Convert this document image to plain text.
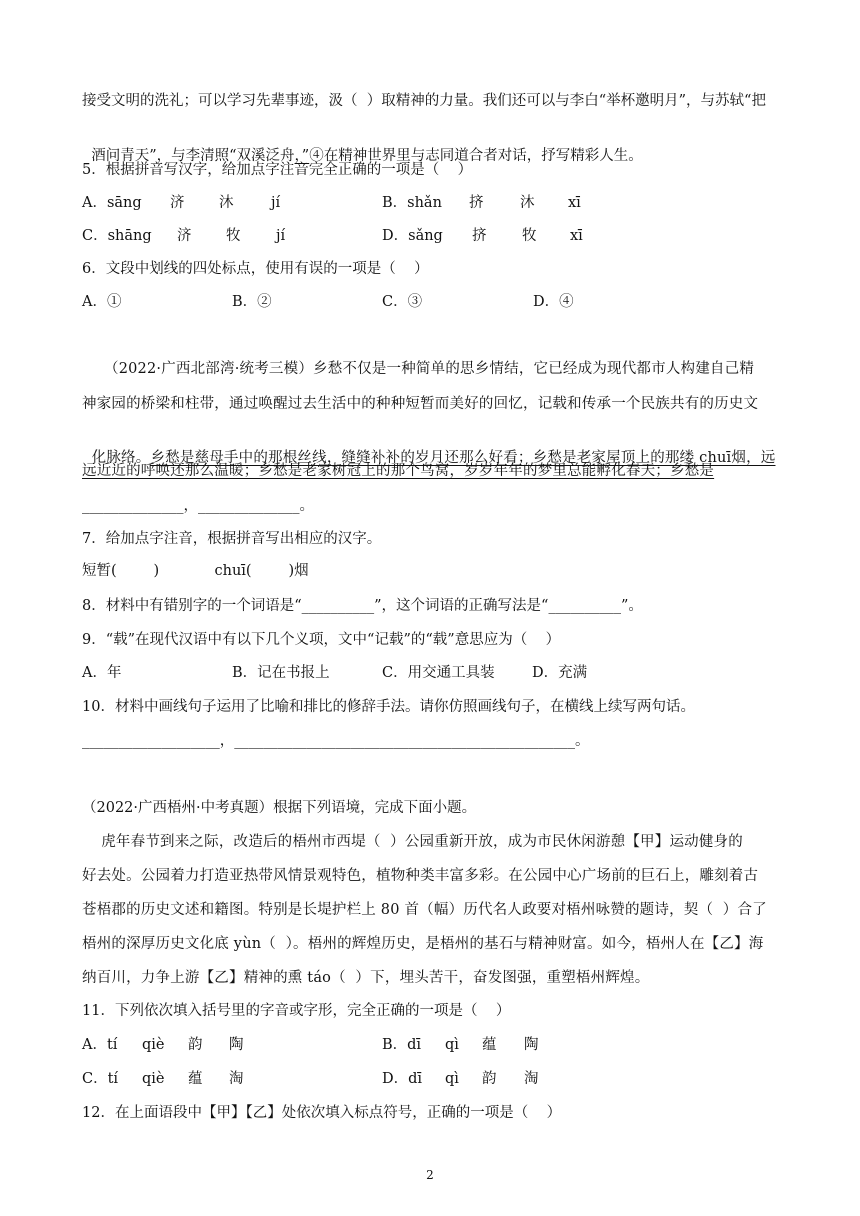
接受文明的洗礼；可以学习先辈事迹，汲（  ）取精神的力量。我们还可以与李白“举杯邀明月”，与苏轼“把

酒问青天”，与李清照“双溪泛舟，”④在精神世界里与志同道合者对话，抒写精彩人生。

5．根据拼音写汉字，给加点字注音完全正确的一项是（    ）
A．sāng 济 沐	jí	B．shǎn 挤	沐 xī
C．shāng 济 牧 jí	D．sǎng 挤 牧 xī
6．文段中划线的四处标点，使用有误的一项是（    ）
A．①	B．②	C．③	D．④
（2022·广西北部湾·统考三模）乡愁不仅是一种简单的思乡情结，它已经成为现代都市人构建自己精
神家园的桥梁和柱带，通过唤醒过去生活中的种种短暂而美好的回忆，记载和传承一个民族共有的历史文

化脉络。乡愁是慈母手中的那根丝线，缝缝补补的岁月还那么好看；乡愁是老家屋顶上的那缕 chuī烟，远

远近近的呼唤还那么温暖；乡愁是老家树冠上的那个鸟窝，岁岁年年的梦里总能孵化春天；乡愁是
______________，______________。
7．给加点字注音，根据拼音写出相应的汉字。
短暂(        )            chuī(        )烟
8．材料中有错别字的一个词语是“__________”，这个词语的正确写法是“__________”。
9．“载”在现代汉语中有以下几个义项，文中“记载”的“载”意思应为（    ）
A．年	B．记在书报上	C．用交通工具装	D．充满
10．材料中画线句子运用了比喻和排比的修辞手法。请你仿照画线句子，在横线上续写两句话。
___________________，_______________________________________________。
（2022·广西梧州·中考真题）根据下列语境，完成下面小题。
虎年春节到来之际，改造后的梧州市西堤（  ）公园重新开放，成为市民休闲游憩【甲】运动健身的
好去处。公园着力打造亚热带风情景观特色，植物种类丰富多彩。在公园中心广场前的巨石上，雕刻着古
苍梧郡的历史文述和籍图。特别是长堤护栏上 80 首（幅）历代名人政要对梧州咏赞的题诗，契（  ）合了
梧州的深厚历史文化底 yùn（  ）。梧州的辉煌历史，是梧州的基石与精神财富。如今，梧州人在【乙】海
纳百川，力争上游【乙】精神的熏 táo（  ）下，埋头苦干，奋发图强，重塑梧州辉煌。
11．下列依次填入括号里的字音或字形，完全正确的一项是（    ）
A．tí qiè 韵 陶	B．dī qì 蕴 陶
C．tí qiè 蕴 淘	D．dī qì 韵 淘
12．在上面语段中【甲】【乙】处依次填入标点符号，正确的一项是（    ）
2
